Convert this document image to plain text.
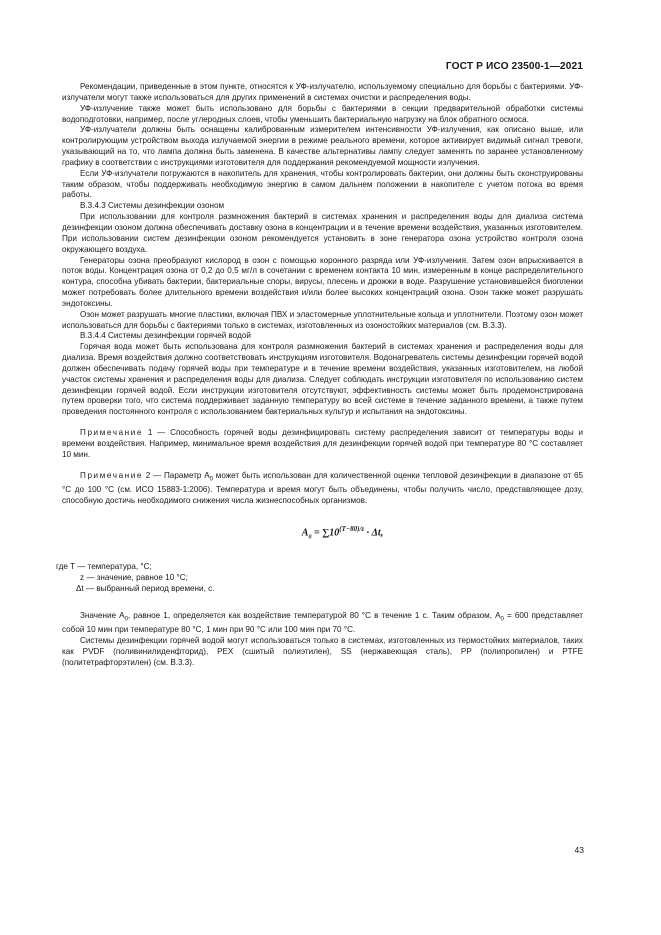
ГОСТ Р ИСО 23500-1—2021

Рекомендации, приведенные в этом пункте, относятся к УФ-излучателю, используемому специально для борьбы с бактериями. УФ-излучатели могут также использоваться для других применений в системах очистки и распределения воды.

УФ-излучение также может быть использовано для борьбы с бактериями в секции предварительной обработки системы водоподготовки, например, после углеродных слоев, чтобы уменьшить бактериальную нагрузку на блок обратного осмоса.

УФ-излучатели должны быть оснащены калиброванным измерителем интенсивности УФ-излучения, как описано выше, или контролирующим устройством выхода излучаемой энергии в режиме реального времени, которое активирует видимый сигнал тревоги, указывающий на то, что лампа должна быть заменена. В качестве альтернативы лампу следует заменять по заранее установленному графику в соответствии с инструкциями изготовителя для поддержания рекомендуемой мощности излучения.

Если УФ-излучатели погружаются в накопитель для хранения, чтобы контролировать бактерии, они должны быть сконструированы таким образом, чтобы поддерживать необходимую энергию в самом дальнем положении в накопителе с учетом потока во время работы.

В.3.4.3 Системы дезинфекции озоном

При использовании для контроля размножения бактерий в системах хранения и распределения воды для диализа система дезинфекции озоном должна обеспечивать доставку озона в концентрации и в течение времени воздействия, указанных изготовителем. При использовании систем дезинфекции озоном рекомендуется установить в зоне генератора озона устройство контроля озона окружающего воздуха.

Генераторы озона преобразуют кислород в озон с помощью коронного разряда или УФ-излучения. Затем озон впрыскивается в поток воды. Концентрация озона от 0,2 до 0,5 мг/л в сочетании с временем контакта 10 мин, измеренным в конце распределительного контура, способна убивать бактерии, бактериальные споры, вирусы, плесень и дрожжи в воде. Разрушение установившейся биопленки может потребовать более длительного времени воздействия и/или более высоких концентраций озона. Озон также может разрушать эндотоксины.

Озон может разрушать многие пластики, включая ПВХ и эластомерные уплотнительные кольца и уплотнители. Поэтому озон может использоваться для борьбы с бактериями только в системах, изготовленных из озоностойких материалов (см. В.3.3).

В.3.4.4 Системы дезинфекции горячей водой

Горячая вода может быть использована для контроля размножения бактерий в системах хранения и распределения воды для диализа. Время воздействия должно соответствовать инструкциям изготовителя. Водонагреватель системы дезинфекции горячей водой должен обеспечивать подачу горячей воды при температуре и в течение времени воздействия, указанных изготовителем, на любой участок системы хранения и распределения воды для диализа. Следует соблюдать инструкции изготовителя по использованию систем дезинфекции горячей водой. Если инструкции изготовителя отсутствуют, эффективность системы может быть продемонстрирована путем проверки того, что система поддерживает заданную температуру во всей системе в течение заданного времени, а также путем проведения постоянного контроля с использованием бактериальных культур и испытания на эндотоксины.

Примечание 1 — Способность горячей воды дезинфицировать систему распределения зависит от температуры воды и времени воздействия. Например, минимальное время воздействия для дезинфекции горячей водой при температуре 80 °С составляет 10 мин.

Примечание 2 — Параметр $A_0$ может быть использован для количественной оценки тепловой дезинфекции в диапазоне от 65 °С до 100 °С (см. ИСО 15883-1:2006). Температура и время могут быть объединены, чтобы получить число, представляющее дозу, способную достичь необходимого снижения числа жизнеспособных организмов.

$A_0 = \sum 10^{(T-80)/z} \cdot \Delta t$,

где T — температура, °С;

z — значение, равное 10 °С;

Δt — выбранный период времени, с.

Значение $A_0$, равное 1, определяется как воздействие температурой 80 °С в течение 1 с. Таким образом, $A_0 = 600$ представляет собой 10 мин при температуре 80 °С, 1 мин при 90 °С или 100 мин при 70 °С.

Системы дезинфекции горячей водой могут использоваться только в системах, изготовленных из термостойких материалов, таких как PVDF (поливинилиденфторид), PEX (сшитый полиэтилен), SS (нержавеющая сталь), PP (полипропилен) и PTFE (политетрафторэтилен) (см. В.3.3).

43
